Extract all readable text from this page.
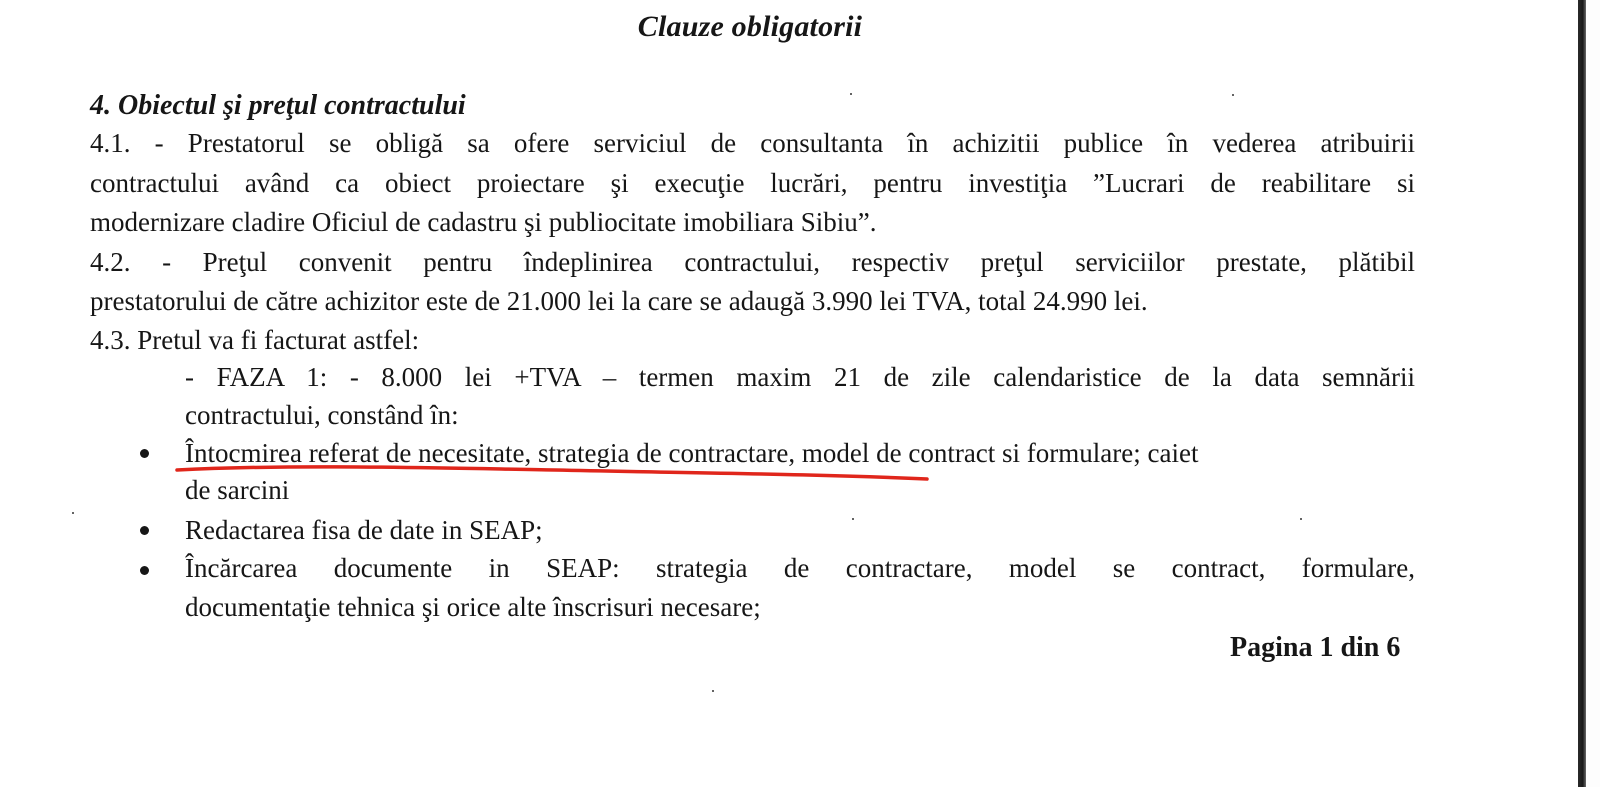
Clauze obligatorii
4. Obiectul şi preţul contractului
4.1. - Prestatorul se obligă sa ofere serviciul de consultanta în achizitii publice în vederea atribuirii
contractului având ca obiect proiectare şi execuţie lucrări, pentru investiţia ”Lucrari de reabilitare si
modernizare cladire Oficiul de cadastru şi publiocitate imobiliara Sibiu”.
4.2. - Preţul convenit pentru îndeplinirea contractului, respectiv preţul serviciilor prestate, plătibil
prestatorului de către achizitor este de 21.000 lei la care se adaugă 3.990 lei TVA, total 24.990 lei.
4.3. Pretul va fi facturat astfel:
- FAZA 1: - 8.000 lei +TVA – termen maxim 21 de zile calendaristice de la data semnării
contractului, constând în:
Întocmirea referat de necesitate, strategia de contractare, model de contract si formulare; caiet
de sarcini
Redactarea fisa de date in SEAP;
Încărcarea documente in SEAP: strategia de contractare, model se contract, formulare,
documentaţie tehnica şi orice alte înscrisuri necesare;
Pagina 1 din 6
